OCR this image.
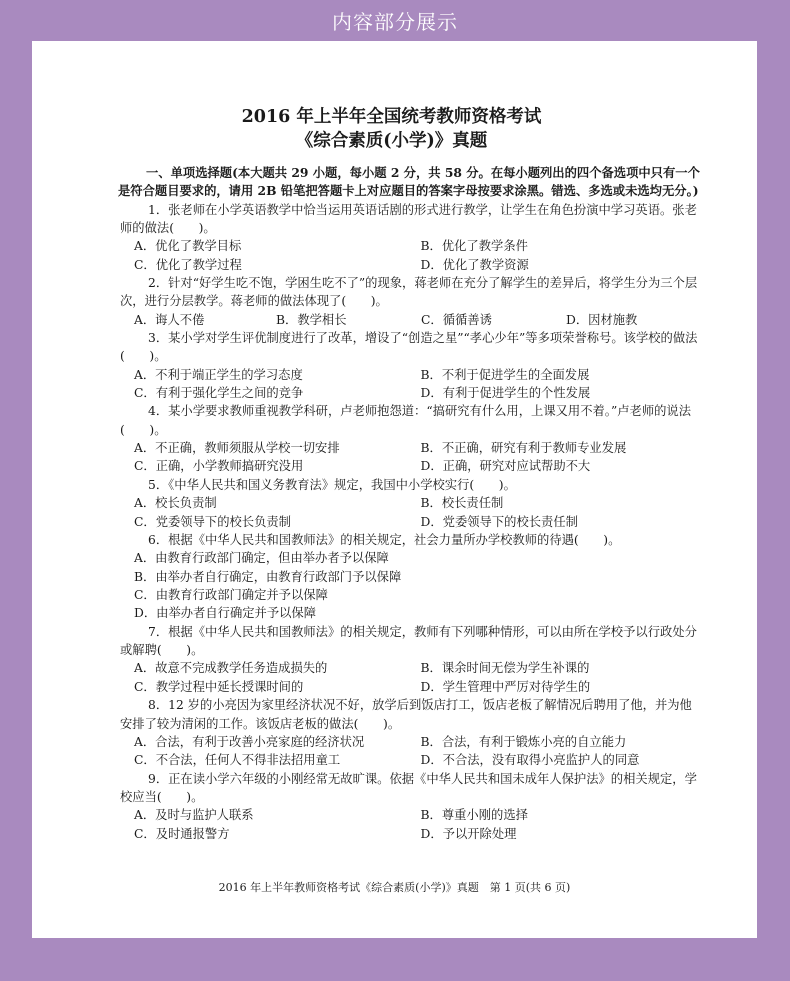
内容部分展示
2016 年上半年全国统考教师资格考试
《综合素质(小学)》真题
一、单项选择题(本大题共 29 小题，每小题 2 分，共 58 分。在每小题列出的四个备选项中只有一个是符合题目要求的，请用 2B 铅笔把答题卡上对应题目的答案字母按要求涂黑。错选、多选或未选均无分。)
1．张老师在小学英语教学中恰当运用英语话剧的形式进行教学，让学生在角色扮演中学习英语。张老师的做法(　　)。
A．优化了教学目标	B．优化了教学条件
C．优化了教学过程	D．优化了教学资源
2．针对“好学生吃不饱，学困生吃不了”的现象，蒋老师在充分了解学生的差异后，将学生分为三个层次，进行分层教学。蒋老师的做法体现了(　　)。
A．诲人不倦	B．教学相长	C．循循善诱	D．因材施教
3．某小学对学生评优制度进行了改革，增设了“创造之星”“孝心少年”等多项荣誉称号。该学校的做法(　　)。
A．不利于端正学生的学习态度	B．不利于促进学生的全面发展
C．有利于强化学生之间的竞争	D．有利于促进学生的个性发展
4．某小学要求教师重视教学科研，卢老师抱怨道：“搞研究有什么用，上课又用不着。”卢老师的说法(　　)。
A．不正确，教师须服从学校一切安排	B．不正确，研究有利于教师专业发展
C．正确，小学教师搞研究没用	D．正确，研究对应试帮助不大
5．《中华人民共和国义务教育法》规定，我国中小学校实行(　　)。
A．校长负责制	B．校长责任制
C．党委领导下的校长负责制	D．党委领导下的校长责任制
6．根据《中华人民共和国教师法》的相关规定，社会力量所办学校教师的待遇(　　)。
A．由教育行政部门确定，但由举办者予以保障
B．由举办者自行确定，由教育行政部门予以保障
C．由教育行政部门确定并予以保障
D．由举办者自行确定并予以保障
7．根据《中华人民共和国教师法》的相关规定，教师有下列哪种情形，可以由所在学校予以行政处分或解聘(　　)。
A．故意不完成教学任务造成损失的	B．课余时间无偿为学生补课的
C．教学过程中延长授课时间的	D．学生管理中严厉对待学生的
8．12 岁的小亮因为家里经济状况不好，放学后到饭店打工，饭店老板了解情况后聘用了他，并为他安排了较为清闲的工作。该饭店老板的做法(　　)。
A．合法，有利于改善小亮家庭的经济状况	B．合法，有利于锻炼小亮的自立能力
C．不合法，任何人不得非法招用童工	D．不合法，没有取得小亮监护人的同意
9．正在读小学六年级的小刚经常无故旷课。依据《中华人民共和国未成年人保护法》的相关规定，学校应当(　　)。
A．及时与监护人联系	B．尊重小刚的选择
C．及时通报警方	D．予以开除处理
2016 年上半年教师资格考试《综合素质(小学)》真题　第 1 页(共 6 页)
